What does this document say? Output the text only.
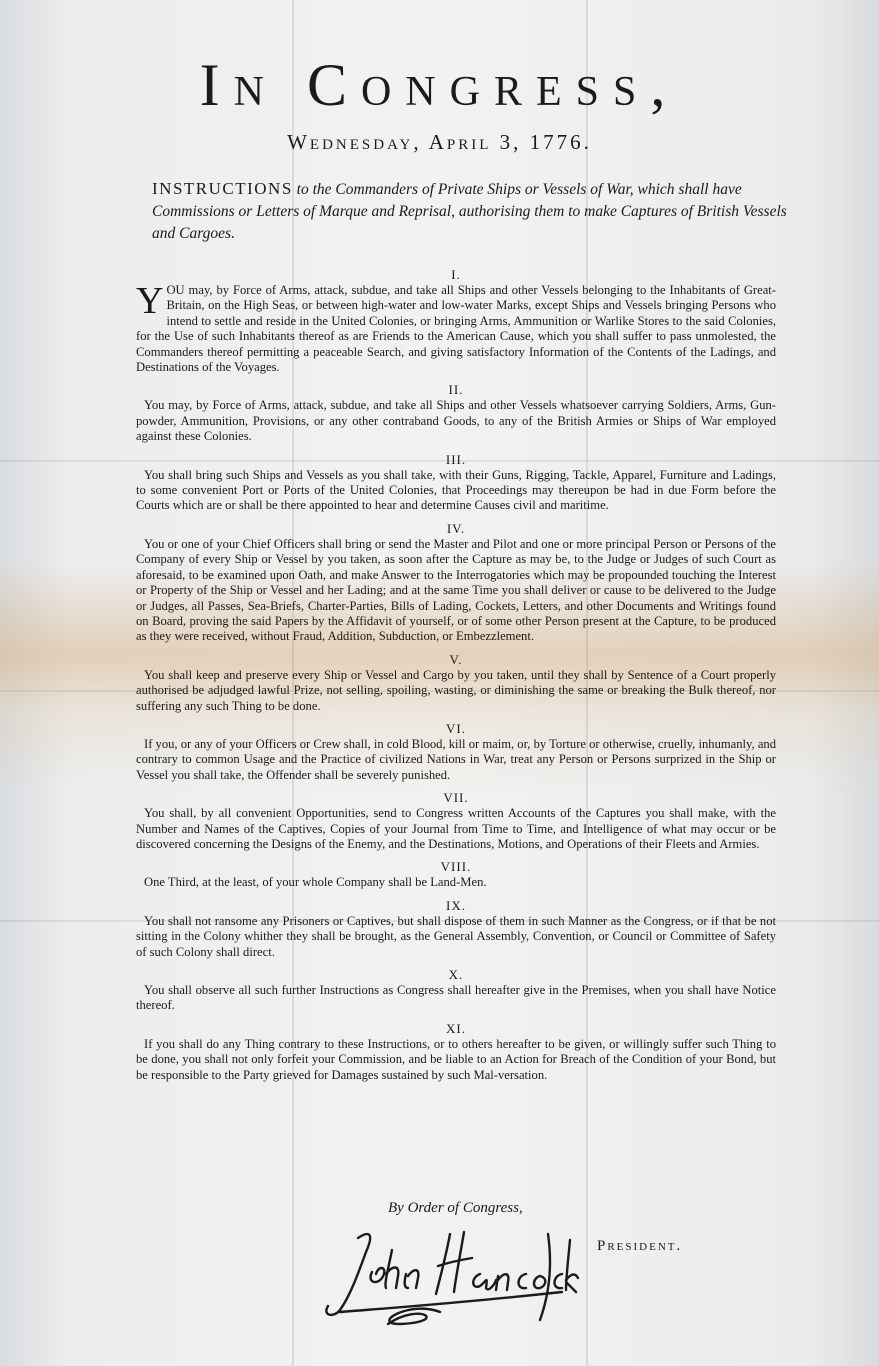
In Congress,
Wednesday, April 3, 1776.
INSTRUCTIONS to the Commanders of Private Ships or Vessels of War, which shall have Commissions or Letters of Marque and Reprisal, authorising them to make Captures of British Vessels and Cargoes.

I.

YOU may, by Force of Arms, attack, subdue, and take all Ships and other Vessels belonging to the Inhabitants of Great-Britain, on the High Seas, or between high-water and low-water Marks, except Ships and Vessels bringing Persons who intend to settle and reside in the United Colonies, or bringing Arms, Ammunition or Warlike Stores to the said Colonies, for the Use of such Inhabitants thereof as are Friends to the American Cause, which you shall suffer to pass unmolested, the Commanders thereof permitting a peaceable Search, and giving satisfactory Information of the Contents of the Ladings, and Destinations of the Voyages.

II.

You may, by Force of Arms, attack, subdue, and take all Ships and other Vessels whatsoever carrying Soldiers, Arms, Gun-powder, Ammunition, Provisions, or any other contraband Goods, to any of the British Armies or Ships of War employed against these Colonies.

III.

You shall bring such Ships and Vessels as you shall take, with their Guns, Rigging, Tackle, Apparel, Furniture and Ladings, to some convenient Port or Ports of the United Colonies, that Proceedings may thereupon be had in due Form before the Courts which are or shall be there appointed to hear and determine Causes civil and maritime.

IV.

You or one of your Chief Officers shall bring or send the Master and Pilot and one or more principal Person or Persons of the Company of every Ship or Vessel by you taken, as soon after the Capture as may be, to the Judge or Judges of such Court as aforesaid, to be examined upon Oath, and make Answer to the Interrogatories which may be propounded touching the Interest or Property of the Ship or Vessel and her Lading; and at the same Time you shall deliver or cause to be delivered to the Judge or Judges, all Passes, Sea-Briefs, Charter-Parties, Bills of Lading, Cockets, Letters, and other Documents and Writings found on Board, proving the said Papers by the Affidavit of yourself, or of some other Person present at the Capture, to be produced as they were received, without Fraud, Addition, Subduction, or Embezzlement.

V.

You shall keep and preserve every Ship or Vessel and Cargo by you taken, until they shall by Sentence of a Court properly authorised be adjudged lawful Prize, not selling, spoiling, wasting, or diminishing the same or breaking the Bulk thereof, nor suffering any such Thing to be done.

VI.

If you, or any of your Officers or Crew shall, in cold Blood, kill or maim, or, by Torture or otherwise, cruelly, inhumanly, and contrary to common Usage and the Practice of civilized Nations in War, treat any Person or Persons surprized in the Ship or Vessel you shall take, the Offender shall be severely punished.

VII.

You shall, by all convenient Opportunities, send to Congress written Accounts of the Captures you shall make, with the Number and Names of the Captives, Copies of your Journal from Time to Time, and Intelligence of what may occur or be discovered concerning the Designs of the Enemy, and the Destinations, Motions, and Operations of their Fleets and Armies.

VIII.

One Third, at the least, of your whole Company shall be Land-Men.

IX.

You shall not ransome any Prisoners or Captives, but shall dispose of them in such Manner as the Congress, or if that be not sitting in the Colony whither they shall be brought, as the General Assembly, Convention, or Council or Committee of Safety of such Colony shall direct.

X.

You shall observe all such further Instructions as Congress shall hereafter give in the Premises, when you shall have Notice thereof.

XI.

If you shall do any Thing contrary to these Instructions, or to others hereafter to be given, or willingly suffer such Thing to be done, you shall not only forfeit your Commission, and be liable to an Action for Breach of the Condition of your Bond, but be responsible to the Party grieved for Damages sustained by such Mal-versation.

By Order of Congress,
President.
